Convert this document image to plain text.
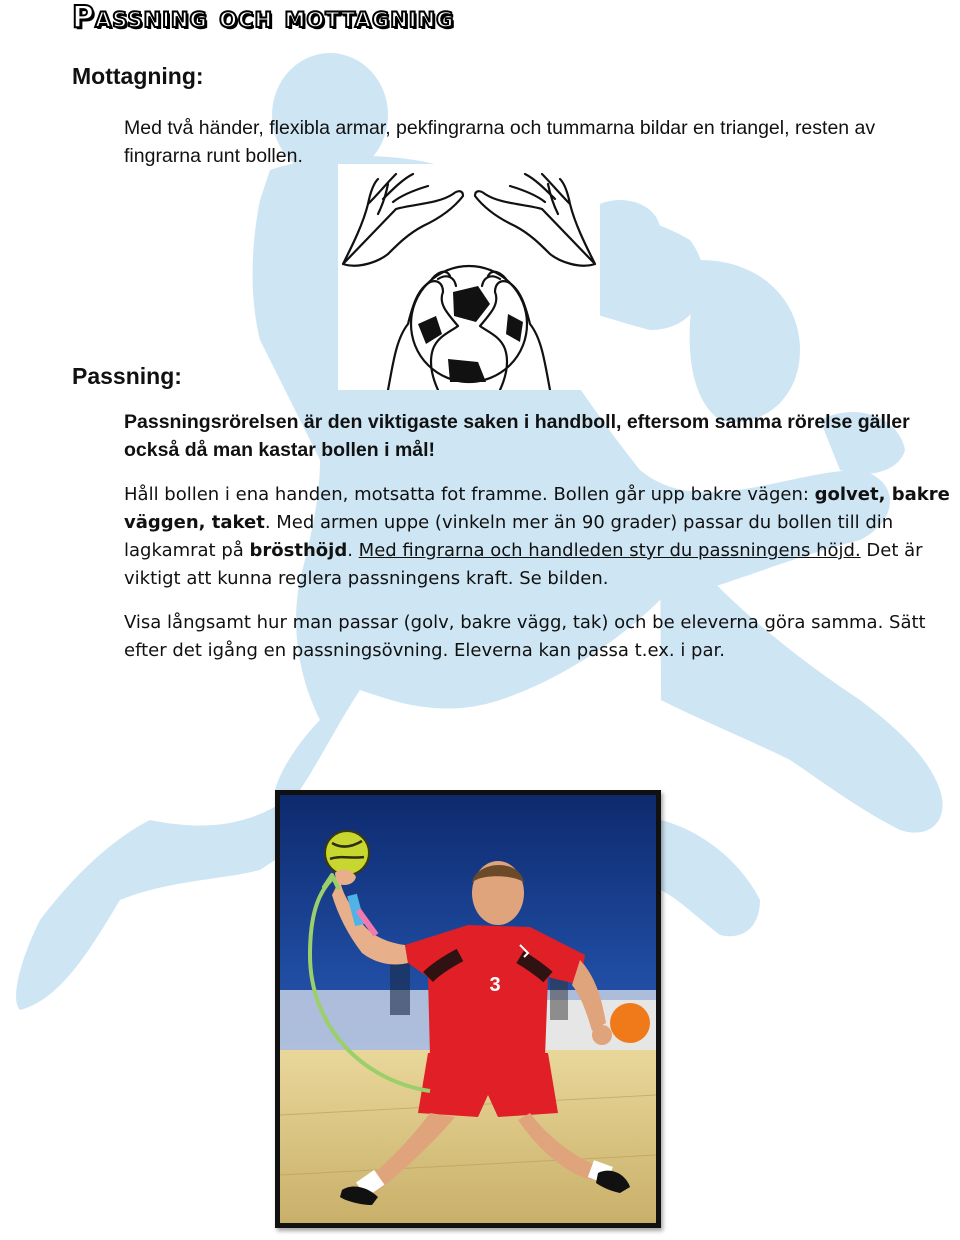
Passning och mottagning
Mottagning:

Med två händer, flexibla armar, pekfingrarna och tummarna bildar en triangel, resten av fingrarna runt bollen.

Passning:

Passningsrörelsen är den viktigaste saken i handboll, eftersom samma rörelse gäller också då man kastar bollen i mål!

Håll bollen i ena handen, motsatta fot framme. Bollen går upp bakre vägen: golvet, bakre väggen, taket. Med armen uppe (vinkeln mer än 90 grader) passar du bollen till din lagkamrat på brösthöjd. Med fingrarna och handleden styr du passningens höjd. Det är viktigt att kunna reglera passningens kraft. Se bilden.

Visa långsamt hur man passar (golv, bakre vägg, tak) och be eleverna göra samma. Sätt efter det igång en passningsövning. Eleverna kan passa t.ex. i par.

3
